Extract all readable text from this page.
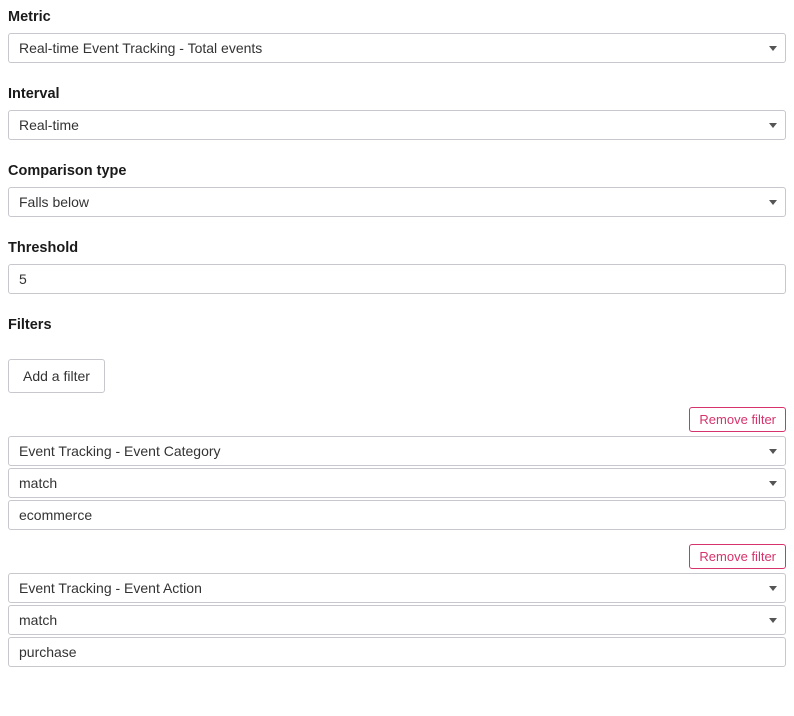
Metric
Real-time Event Tracking - Total events
Interval
Real-time
Comparison type
Falls below
Threshold
5
Filters
Add a filter
Remove filter
Event Tracking - Event Category
match
ecommerce
Remove filter
Event Tracking - Event Action
match
purchase
